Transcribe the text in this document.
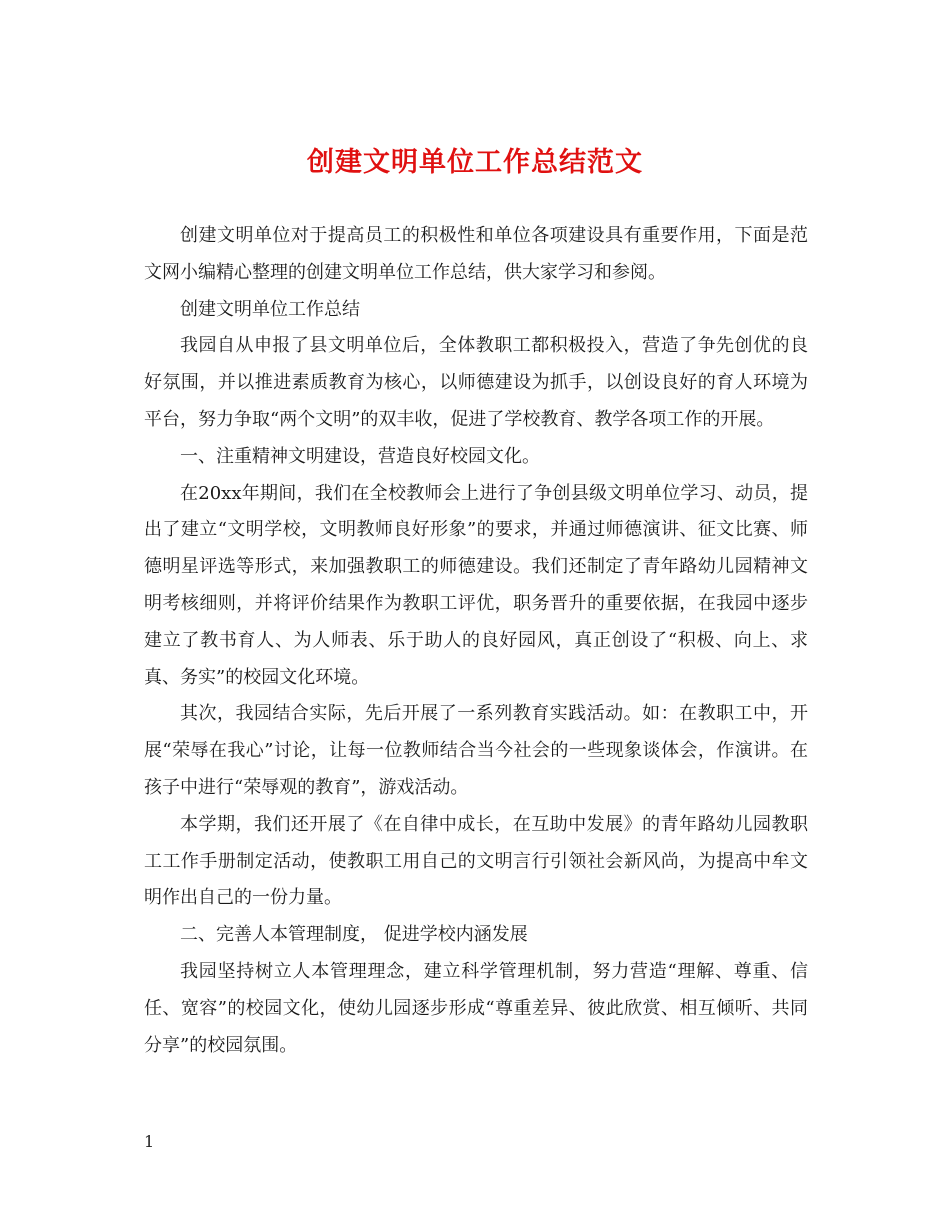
创建文明单位工作总结范文

创建文明单位对于提高员工的积极性和单位各项建设具有重要作用，下面是范文网小编精心整理的创建文明单位工作总结，供大家学习和参阅。

创建文明单位工作总结

我园自从申报了县文明单位后，全体教职工都积极投入，营造了争先创优的良好氛围，并以推进素质教育为核心，以师德建设为抓手，以创设良好的育人环境为平台，努力争取“两个文明”的双丰收，促进了学校教育、教学各项工作的开展。

一、注重精神文明建设，营造良好校园文化。

在20xx年期间，我们在全校教师会上进行了争创县级文明单位学习、动员，提出了建立“文明学校，文明教师良好形象”的要求，并通过师德演讲、征文比赛、师德明星评选等形式，来加强教职工的师德建设。我们还制定了青年路幼儿园精神文明考核细则，并将评价结果作为教职工评优，职务晋升的重要依据，在我园中逐步建立了教书育人、为人师表、乐于助人的良好园风，真正创设了“积极、向上、求真、务实”的校园文化环境。

其次，我园结合实际，先后开展了一系列教育实践活动。如：在教职工中，开展“荣辱在我心”讨论，让每一位教师结合当今社会的一些现象谈体会，作演讲。在孩子中进行“荣辱观的教育”，游戏活动。

本学期，我们还开展了《在自律中成长，在互助中发展》的青年路幼儿园教职工工作手册制定活动，使教职工用自己的文明言行引领社会新风尚，为提高中牟文明作出自己的一份力量。

二、完善人本管理制度， 促进学校内涵发展

我园坚持树立人本管理理念，建立科学管理机制，努力营造“理解、尊重、信任、宽容”的校园文化，使幼儿园逐步形成“尊重差异、彼此欣赏、相互倾听、共同分享”的校园氛围。

1
